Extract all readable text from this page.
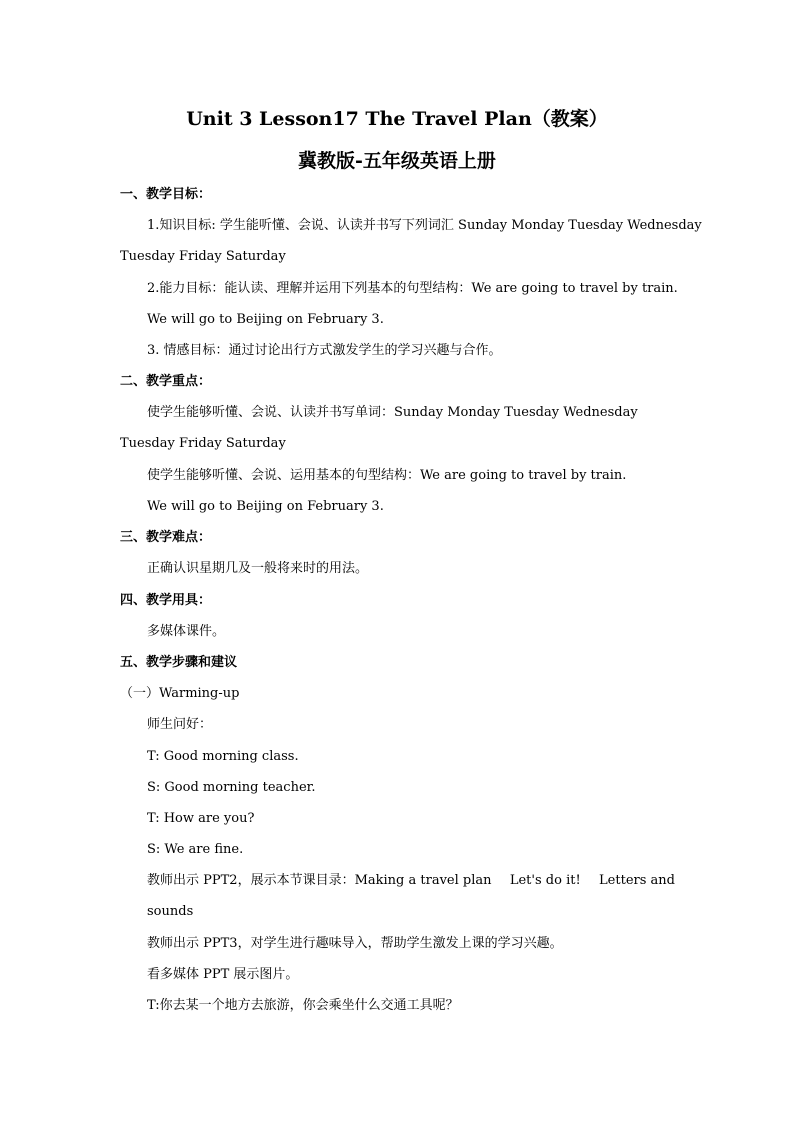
Unit 3 Lesson17 The Travel Plan（教案）
冀教版-五年级英语上册
一、教学目标：
1.知识目标: 学生能听懂、会说、认读并书写下列词汇 Sunday Monday Tuesday Wednesday
Tuesday Friday Saturday
2.能力目标：能认读、理解并运用下列基本的句型结构：We are going to travel by train.
We will go to Beijing on February 3.
3. 情感目标：通过讨论出行方式激发学生的学习兴趣与合作。
二、教学重点：
使学生能够听懂、会说、认读并书写单词：Sunday Monday Tuesday Wednesday
Tuesday Friday Saturday
使学生能够听懂、会说、运用基本的句型结构：We are going to travel by train.
We will go to Beijing on February 3.
三、教学难点：
正确认识星期几及一般将来时的用法。
四、教学用具：
多媒体课件。
五、教学步骤和建议
（一）Warming-up
师生问好：
T: Good morning class.
S: Good morning teacher.
T: How are you?
S: We are fine.
教师出示 PPT2，展示本节课目录：Making a travel plan Let's do it! Letters and
sounds
教师出示 PPT3，对学生进行趣味导入，帮助学生激发上课的学习兴趣。
看多媒体 PPT 展示图片。
T:你去某一个地方去旅游，你会乘坐什么交通工具呢？
